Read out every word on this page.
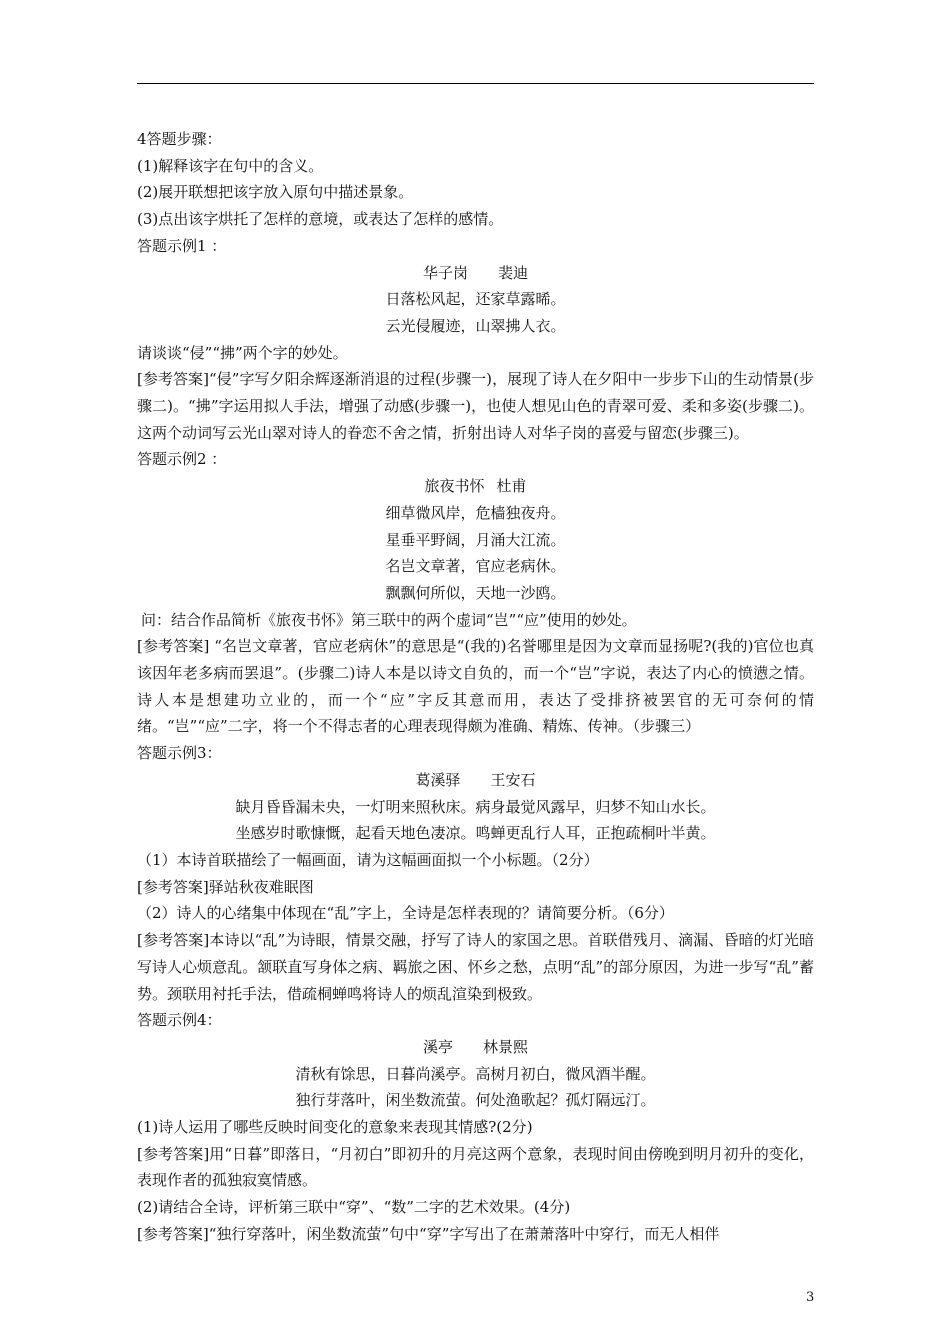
4答题步骤：

(1)解释该字在句中的含义。

(2)展开联想把该字放入原句中描述景象。

(3)点出该字烘托了怎样的意境，或表达了怎样的感情。

答题示例1 ：

华子岗 裴迪

日落松风起，还家草露晞。

云光侵履迹，山翠拂人衣。

请谈谈“侵”“拂”两个字的妙处。

[参考答案]“侵”字写夕阳余辉逐渐消退的过程(步骤一)，展现了诗人在夕阳中一步步下山的生动情景(步骤二)。“拂”字运用拟人手法，增强了动感(步骤一)，也使人想见山色的青翠可爱、柔和多姿(步骤二)。这两个动词写云光山翠对诗人的眷恋不舍之情，折射出诗人对华子岗的喜爱与留恋(步骤三)。

答题示例2 ：

旅夜书怀 杜甫

细草微风岸，危樯独夜舟。

星垂平野阔，月涌大江流。

名岂文章著，官应老病休。

飘飘何所似，天地一沙鸥。

问：结合作品简析《旅夜书怀》第三联中的两个虚词“岂”“应”使用的妙处。

[参考答案] “名岂文章著，官应老病休”的意思是“(我的)名誉哪里是因为文章而显扬呢?(我的)官位也真该因年老多病而罢退”。(步骤二)诗人本是以诗文自负的，而一个“岂”字说，表达了内心的愤懑之情。诗人本是想建功立业的，而一个“应”字反其意而用，表达了受排挤被罢官的无可奈何的情绪。“岂”“应”二字，将一个不得志者的心理表现得颇为准确、精炼、传神。（步骤三）

答题示例3：

葛溪驿 王安石

缺月昏昏漏未央，一灯明来照秋床。病身最觉风露早，归梦不知山水长。

坐感岁时歌慷慨，起看天地色凄凉。鸣蝉更乱行人耳，正抱疏桐叶半黄。

（1）本诗首联描绘了一幅画面，请为这幅画面拟一个小标题。（2分）

[参考答案]驿站秋夜难眠图

（2）诗人的心绪集中体现在“乱”字上，全诗是怎样表现的？请简要分析。（6分）

[参考答案]本诗以“乱”为诗眼，情景交融，抒写了诗人的家国之思。首联借残月、滴漏、昏暗的灯光暗写诗人心烦意乱。颔联直写身体之病、羁旅之困、怀乡之愁，点明“乱”的部分原因，为进一步写“乱”蓄势。颈联用衬托手法，借疏桐蝉鸣将诗人的烦乱渲染到极致。

答题示例4：

溪亭 林景熙

清秋有馀思，日暮尚溪亭。高树月初白，微风酒半醒。

独行芽落叶，闲坐数流萤。何处渔歌起？孤灯隔远汀。

(1)诗人运用了哪些反映时间变化的意象来表现其情感?(2分)

[参考答案]用“日暮”即落日，“月初白”即初升的月亮这两个意象，表现时间由傍晚到明月初升的变化，表现作者的孤独寂寞情感。

(2)请结合全诗，评析第三联中“穿”、“数”二字的艺术效果。(4分)

[参考答案]“独行穿落叶，闲坐数流萤”句中“穿”字写出了在萧萧落叶中穿行，而无人相伴

3
